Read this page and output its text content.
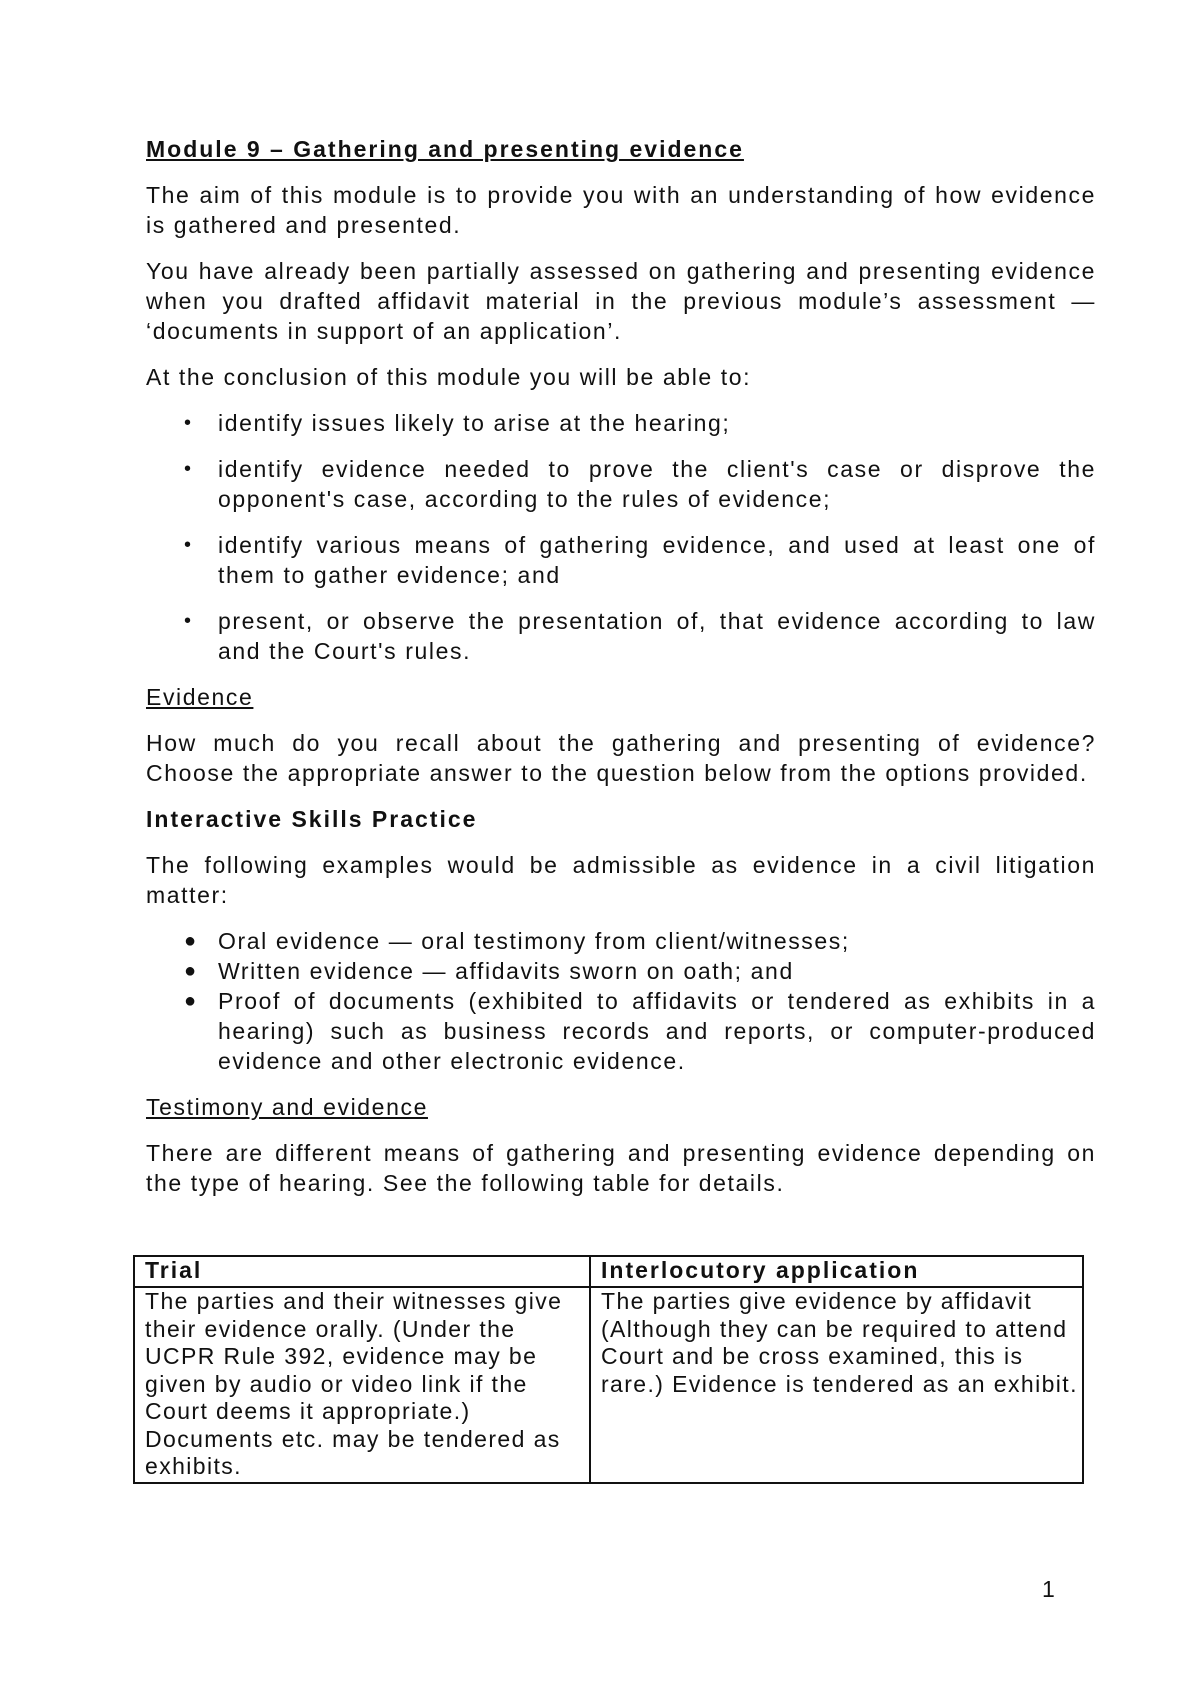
Module 9 – Gathering and presenting evidence

The aim of this module is to provide you with an understanding of how evidence is gathered and presented.

You have already been partially assessed on gathering and presenting evidence when you drafted affidavit material in the previous module’s assessment — ‘documents in support of an application’.

At the conclusion of this module you will be able to:

• identify issues likely to arise at the hearing;
• identify evidence needed to prove the client's case or disprove the opponent's case, according to the rules of evidence;
• identify various means of gathering evidence, and used at least one of them to gather evidence; and
• present, or observe the presentation of, that evidence according to law and the Court's rules.

Evidence

How much do you recall about the gathering and presenting of evidence? Choose the appropriate answer to the question below from the options provided.

Interactive Skills Practice

The following examples would be admissible as evidence in a civil litigation matter:

● Oral evidence — oral testimony from client/witnesses;
● Written evidence — affidavits sworn on oath; and
● Proof of documents (exhibited to affidavits or tendered as exhibits in a hearing) such as business records and reports, or computer-produced evidence and other electronic evidence.

Testimony and evidence

There are different means of gathering and presenting evidence depending on the type of hearing. See the following table for details.

Trial	Interlocutory application
The parties and their witnesses give their evidence orally. (Under the UCPR Rule 392, evidence may be given by audio or video link if the Court deems it appropriate.) Documents etc. may be tendered as exhibits.	The parties give evidence by affidavit (Although they can be required to attend Court and be cross examined, this is rare.) Evidence is tendered as an exhibit.
1
